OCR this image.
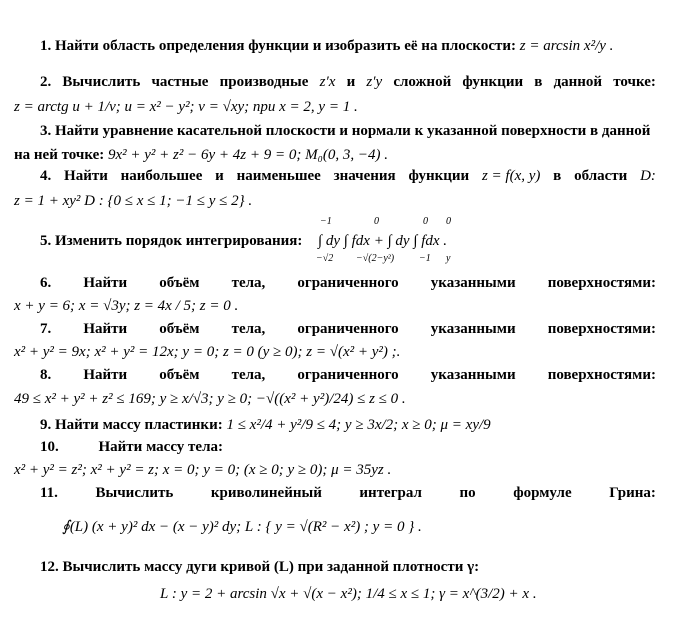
1. Найти область определения функции и изобразить её на плоскости: z = arcsin x²/y .
2. Вычислить частные производные z′x и z′y сложной функции в данной точке:
z = arctg u + 1/v; u = x² − y²; v = √xy; при x = 2, y = 1 .
3. Найти уравнение касательной плоскости и нормали к указанной поверхности в данной
на ней точке: 9x² + y² + z² − 6y + 4z + 9 = 0; M₀(0, 3, −4) .
4. Найти наибольшее и наименьшее значения функции z = f(x, y) в области D:
z = 1 + xy² D : {0 ≤ x ≤ 1; −1 ≤ y ≤ 2} .
5. Изменить порядок интегрирования: ∫ dy ∫ fdx + ∫ dy ∫ fdx .
−1
−√2
0
−√(2−y²)
0
−1
0
y
6. Найти объём тела, ограниченного указанными поверхностями:
x + y = 6; x = √3y; z = 4x / 5; z = 0 .
7. Найти объём тела, ограниченного указанными поверхностями:
x² + y² = 9x; x² + y² = 12x; y = 0; z = 0 (y ≥ 0); z = √(x² + y²) ;.
8. Найти объём тела, ограниченного указанными поверхностями:
49 ≤ x² + y² + z² ≤ 169; y ≥ x/√3; y ≥ 0; −√((x² + y²)/24) ≤ z ≤ 0 .
9. Найти массу пластинки: 1 ≤ x²/4 + y²/9 ≤ 4; y ≥ 3x/2; x ≥ 0; μ = xy/9
10.	Найти массу тела:
x² + y² = z²; x² + y² = z; x = 0; y = 0; (x ≥ 0; y ≥ 0); μ = 35yz .
11.	Вычислить	криволинейный	интеграл	по	формуле	Грина:
∮(L) (x + y)² dx − (x − y)² dy; L : { y = √(R² − x²) ; y = 0 } .
12. Вычислить массу дуги кривой (L) при заданной плотности γ:
L : y = 2 + arcsin √x + √(x − x²); 1/4 ≤ x ≤ 1; γ = x^(3/2) + x .
